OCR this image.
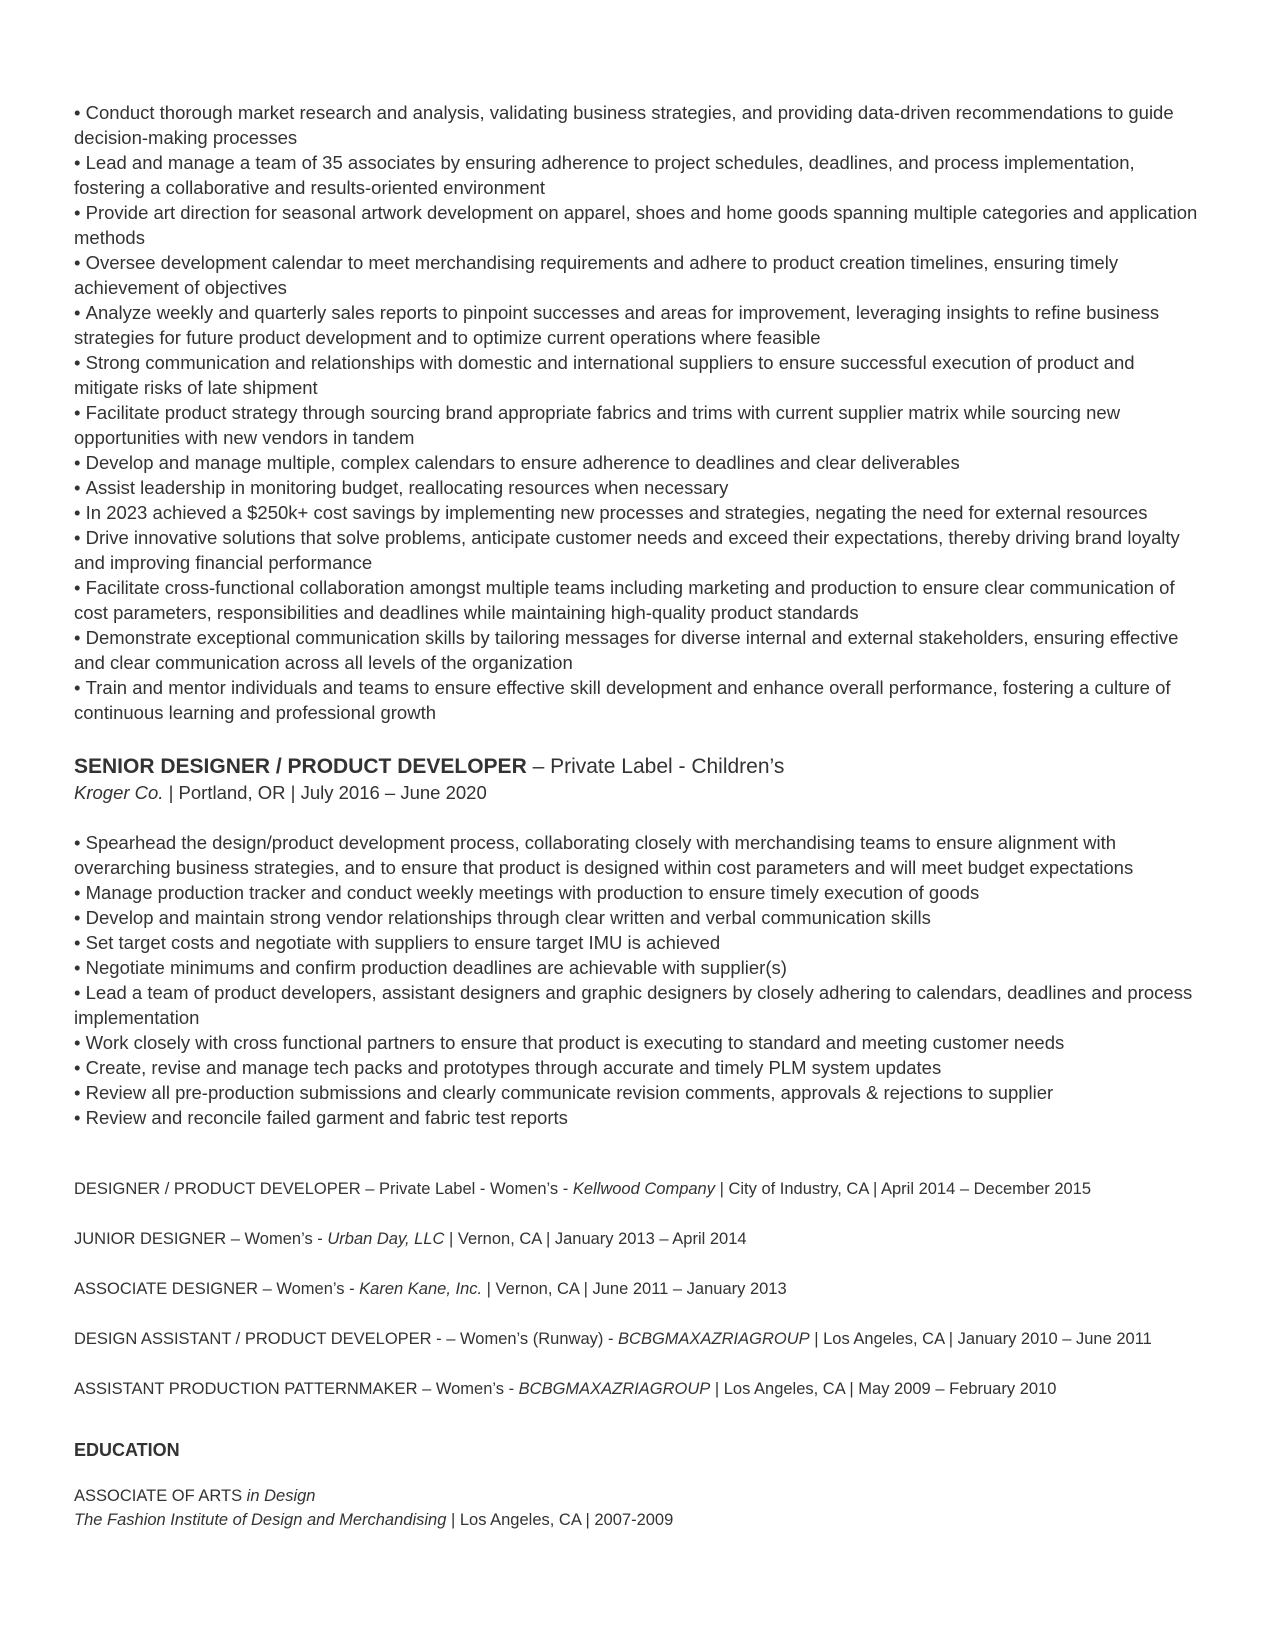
• Conduct thorough market research and analysis, validating business strategies, and providing data-driven recommendations to guide decision-making processes
• Lead and manage a team of 35 associates by ensuring adherence to project schedules, deadlines, and process implementation, fostering a collaborative and results-oriented environment
• Provide art direction for seasonal artwork development on apparel, shoes and home goods spanning multiple categories and application methods
• Oversee development calendar to meet merchandising requirements and adhere to product creation timelines, ensuring timely achievement of objectives
• Analyze weekly and quarterly sales reports to pinpoint successes and areas for improvement, leveraging insights to refine business strategies for future product development and to optimize current operations where feasible
• Strong communication and relationships with domestic and international suppliers to ensure successful execution of product and mitigate risks of late shipment
• Facilitate product strategy through sourcing brand appropriate fabrics and trims with current supplier matrix while sourcing new opportunities with new vendors in tandem
• Develop and manage multiple, complex calendars to ensure adherence to deadlines and clear deliverables
• Assist leadership in monitoring budget, reallocating resources when necessary
• In 2023 achieved a $250k+ cost savings by implementing new processes and strategies, negating the need for external resources
• Drive innovative solutions that solve problems, anticipate customer needs and exceed their expectations, thereby driving brand loyalty and improving financial performance
• Facilitate cross-functional collaboration amongst multiple teams including marketing and production to ensure clear communication of cost parameters, responsibilities and deadlines while maintaining high-quality product standards
• Demonstrate exceptional communication skills by tailoring messages for diverse internal and external stakeholders, ensuring effective and clear communication across all levels of the organization
• Train and mentor individuals and teams to ensure effective skill development and enhance overall performance, fostering a culture of continuous learning and professional growth
SENIOR DESIGNER / PRODUCT DEVELOPER – Private Label - Children’s
Kroger Co. | Portland, OR | July 2016 – June 2020
• Spearhead the design/product development process, collaborating closely with merchandising teams to ensure alignment with overarching business strategies, and to ensure that product is designed within cost parameters and will meet budget expectations
• Manage production tracker and conduct weekly meetings with production to ensure timely execution of goods
• Develop and maintain strong vendor relationships through clear written and verbal communication skills
• Set target costs and negotiate with suppliers to ensure target IMU is achieved
• Negotiate minimums and confirm production deadlines are achievable with supplier(s)
• Lead a team of product developers, assistant designers and graphic designers by closely adhering to calendars, deadlines and process implementation
• Work closely with cross functional partners to ensure that product is executing to standard and meeting customer needs
• Create, revise and manage tech packs and prototypes through accurate and timely PLM system updates
• Review all pre-production submissions and clearly communicate revision comments, approvals & rejections to supplier
• Review and reconcile failed garment and fabric test reports
DESIGNER / PRODUCT DEVELOPER – Private Label - Women’s - Kellwood Company | City of Industry, CA | April 2014 – December 2015
JUNIOR DESIGNER – Women’s - Urban Day, LLC | Vernon, CA | January 2013 – April 2014
ASSOCIATE DESIGNER – Women’s - Karen Kane, Inc. | Vernon, CA | June 2011 – January 2013
DESIGN ASSISTANT / PRODUCT DEVELOPER - – Women’s (Runway) - BCBGMAXAZRIAGROUP | Los Angeles, CA | January 2010 – June 2011
ASSISTANT PRODUCTION PATTERNMAKER – Women’s - BCBGMAXAZRIAGROUP | Los Angeles, CA | May 2009 – February 2010
EDUCATION
ASSOCIATE OF ARTS in Design
The Fashion Institute of Design and Merchandising | Los Angeles, CA | 2007-2009
